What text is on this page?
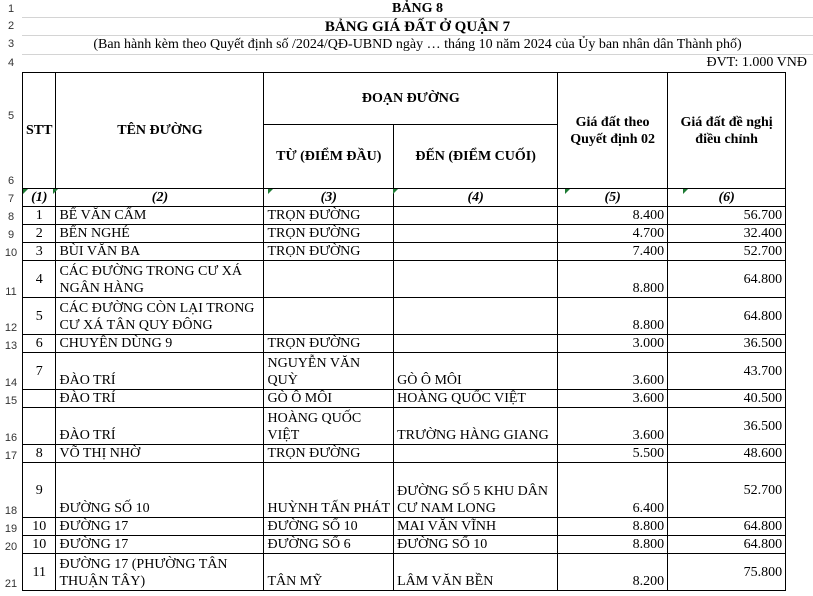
1
2
3
4
5
6
7
8
9
10
11
12
13
14
15
16
17
18
19
20
21
BẢNG 8
BẢNG GIÁ ĐẤT Ở QUẬN 7
(Ban hành kèm theo Quyết định số /2024/QĐ-UBND ngày … tháng 10 năm 2024 của Ủy ban nhân dân Thành phố)
ĐVT: 1.000 VNĐ
STT	TÊN ĐƯỜNG	ĐOẠN ĐƯỜNG		Giá đất theo Quyết định 02	Giá đất đề nghị điều chỉnh
		TỪ (ĐIỂM ĐẦU)	ĐẾN (ĐIỂM CUỐI)		
(1)	(2)	(3)	(4)	(5)	(6)
1	BẾ VĂN CẤM	TRỌN ĐƯỜNG		8.400	56.700
2	BẾN NGHÉ	TRỌN ĐƯỜNG		4.700	32.400
3	BÙI VĂN BA	TRỌN ĐƯỜNG		7.400	52.700
4	CÁC ĐƯỜNG TRONG CƯ XÁ NGÂN HÀNG			8.800	64.800
5	CÁC ĐƯỜNG CÒN LẠI TRONG CƯ XÁ TÂN QUY ĐÔNG			8.800	64.800
6	CHUYÊN DÙNG 9	TRỌN ĐƯỜNG		3.000	36.500
7	ĐÀO TRÍ	NGUYỄN VĂN QUỲ	GÒ Ô MÔI	3.600	43.700
	ĐÀO TRÍ	GÒ Ô MÔI	HOÀNG QUỐC VIỆT	3.600	40.500
	ĐÀO TRÍ	HOÀNG QUỐC VIỆT	TRƯỜNG HÀNG GIANG	3.600	36.500
8	VÕ THỊ NHỜ	TRỌN ĐƯỜNG		5.500	48.600
9	ĐƯỜNG SỐ 10	HUỲNH TẤN PHÁT	ĐƯỜNG SỐ 5 KHU DÂN CƯ NAM LONG	6.400	52.700
10	ĐƯỜNG 17	ĐƯỜNG SỐ 10	MAI VĂN VĨNH	8.800	64.800
10	ĐƯỜNG 17	ĐƯỜNG SỐ 6	ĐƯỜNG SỐ 10	8.800	64.800
11	ĐƯỜNG 17 (PHƯỜNG TÂN THUẬN TÂY)	TÂN MỸ	LÂM VĂN BỀN	8.200	75.800
